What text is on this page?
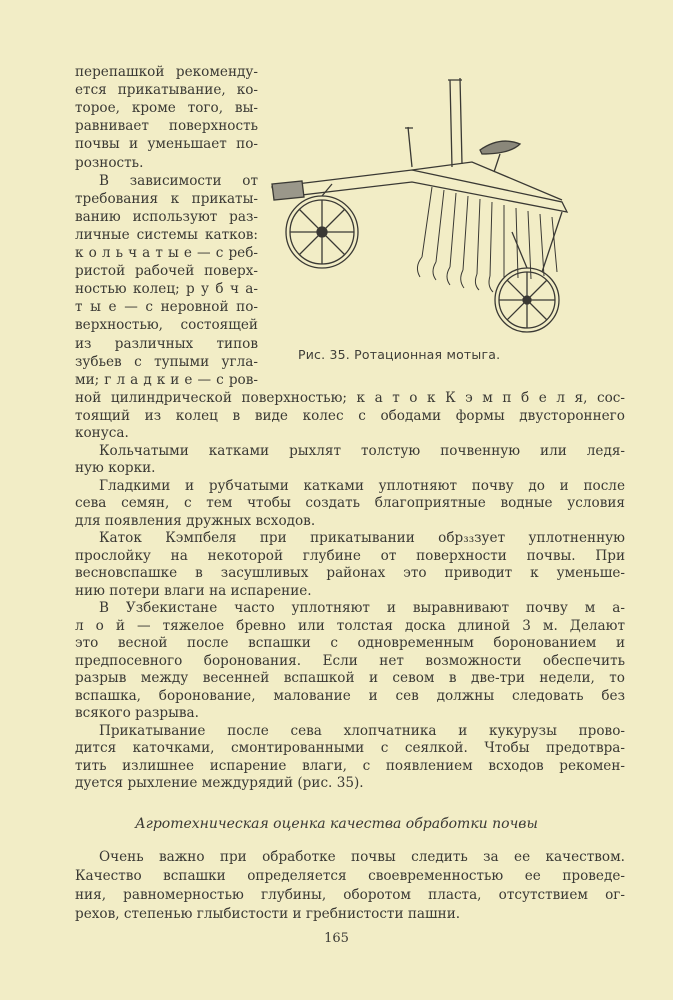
перепашкой рекоменду-
ется прикатывание, ко-
торое, кроме того, вы-
равнивает поверхность
почвы и уменьшает по-
розность.
В зависимости от
требования к прикаты-
ванию используют раз-
личные системы катков:
к о л ь ч а т ы е — с реб-
ристой рабочей поверх-
ностью колец; р у б ч а-
т ы е — с неровной по-
верхностью, состоящей
из различных типов
зубьев с тупыми угла-
ми; г л а д к и е — с ров-
ной цилиндрической поверхностью; к а т о к К э м п б е л я, сос-
тоящий из колец в виде колес с ободами формы двустороннего
конуса.
Кольчатыми катками рыхлят толстую почвенную или ледя-
ную корки.
Гладкими и рубчатыми катками уплотняют почву до и после
сева семян, с тем чтобы создать благоприятные водные условия
для появления дружных всходов.
Каток Кэмпбеля при прикатывании обр₃₃зует уплотненную
прослойку на некоторой глубине от поверхности почвы. При
весновспашке в засушливых районах это приводит к уменьше-
нию потери влаги на испарение.
В Узбекистане часто уплотняют и выравнивают почву м а-
л о й — тяжелое бревно или толстая доска длиной 3 м. Делают
это весной после вспашки с одновременным боронованием и
предпосевного боронования. Если нет возможности обеспечить
разрыв между весенней вспашкой и севом в две-три недели, то
вспашка, боронование, малование и сев должны следовать без
всякого разрыва.
Прикатывание после сева хлопчатника и кукурузы прово-
дится каточками, смонтированными с сеялкой. Чтобы предотвра-
тить излишнее испарение влаги, с появлением всходов рекомен-
дуется рыхление междурядий (рис. 35).
Рис. 35. Ротационная мотыга.
Очень важно при обработке почвы следить за ее качеством.
Качество вспашки определяется своевременностью ее проведе-
ния, равномерностью глубины, оборотом пласта, отсутствием ог-
рехов, степенью глыбистости и гребнистости пашни.
Агротехническая оценка качества обработки почвы
165
